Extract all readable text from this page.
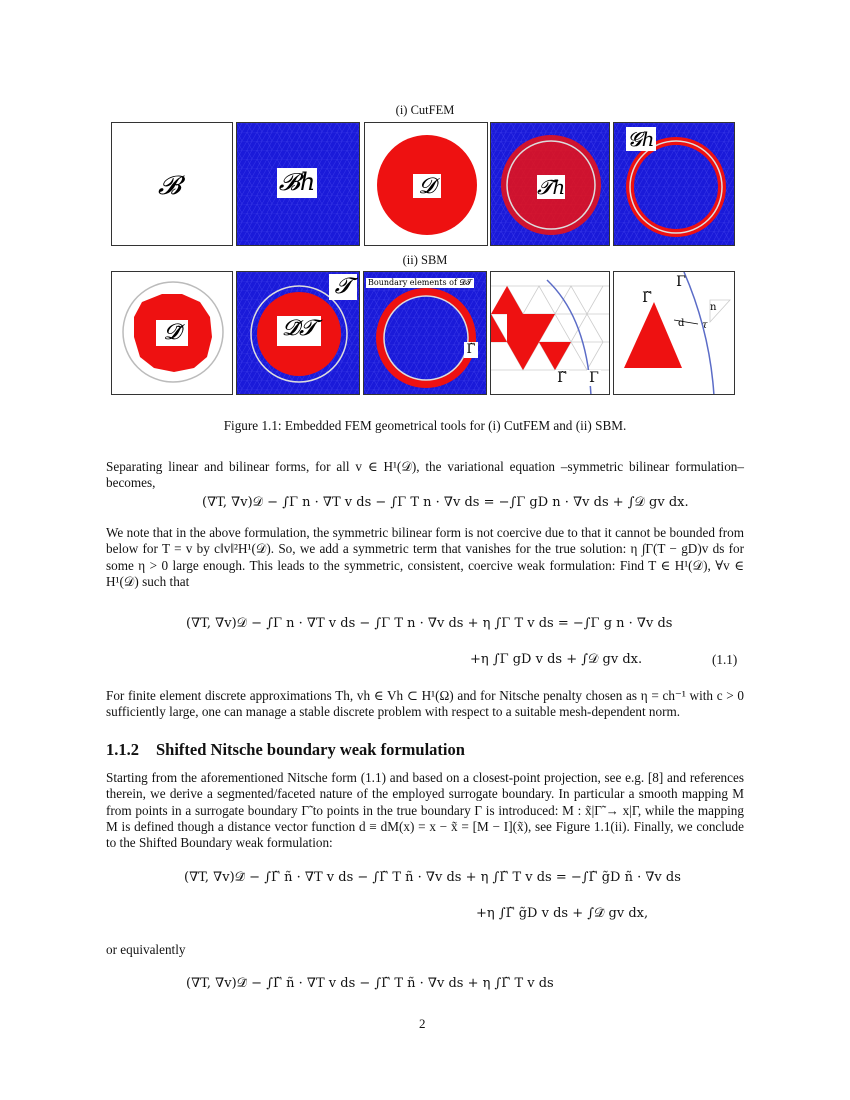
(i) CutFEM
𝓑	𝓑h	𝓓	𝓣h
𝓖h
(ii) SBM
𝓓̃	𝓓̃𝓣
𝓣	Boundary elements of 𝓓𝓣
Γ̃
Γ̃ Γ
Γ
Γ̃
n
d τ
Figure 1.1: Embedded FEM geometrical tools for (i) CutFEM and (ii) SBM.
Separating linear and bilinear forms, for all v ∈ H¹(𝒟), the variational equation –symmetric bilinear formulation– becomes,
(∇T, ∇v)𝒟 − ∫Γ n · ∇T v ds − ∫Γ T n · ∇v ds = −∫Γ gD n · ∇v ds + ∫𝒟 gv dx.
We note that in the above formulation, the symmetric bilinear form is not coercive due to that it cannot be bounded from below for T = v by c‖v‖²H¹(𝒟). So, we add a symmetric term that vanishes for the true solution: η ∫Γ(T − gD)v ds for some η > 0 large enough. This leads to the symmetric, consistent, coercive weak formulation: Find T ∈ H¹(𝒟), ∀v ∈ H¹(𝒟) such that
(∇T, ∇v)𝒟 − ∫Γ n · ∇T v ds − ∫Γ T n · ∇v ds + η ∫Γ T v ds = −∫Γ g n · ∇v ds
+η ∫Γ gD v ds + ∫𝒟 gv dx.	(1.1)
For finite element discrete approximations Th, vh ∈ Vh ⊂ H¹(Ω) and for Nitsche penalty chosen as η = ch⁻¹ with c > 0 sufficiently large, one can manage a stable discrete problem with respect to a suitable mesh-dependent norm.
1.1.2 Shifted Nitsche boundary weak formulation
Starting from the aforementioned Nitsche form (1.1) and based on a closest-point projection, see e.g. [8] and references therein, we derive a segmented/faceted nature of the employed surrogate boundary. In particular a smooth mapping M from points in a surrogate boundary Γ̃ to points in the true boundary Γ is introduced: M : x̃|Γ̃ → x|Γ, while the mapping M is defined though a distance vector function d ≡ dM(x) = x − x̃ = [M − I](x̃), see Figure 1.1(ii). Finally, we conclude to the Shifted Boundary weak formulation:
(∇T, ∇v)𝒟̃ − ∫Γ̃ ñ · ∇T v ds − ∫Γ̃ T ñ · ∇v ds + η ∫Γ̃ T v ds = −∫Γ̃ g̃D ñ · ∇v ds
+η ∫Γ̃ g̃D v ds + ∫𝒟̃ gv dx,
or equivalently
(∇T, ∇v)𝒟̃ − ∫Γ̃ ñ · ∇T v ds − ∫Γ̃ T ñ · ∇v ds + η ∫Γ̃ T v ds
2
